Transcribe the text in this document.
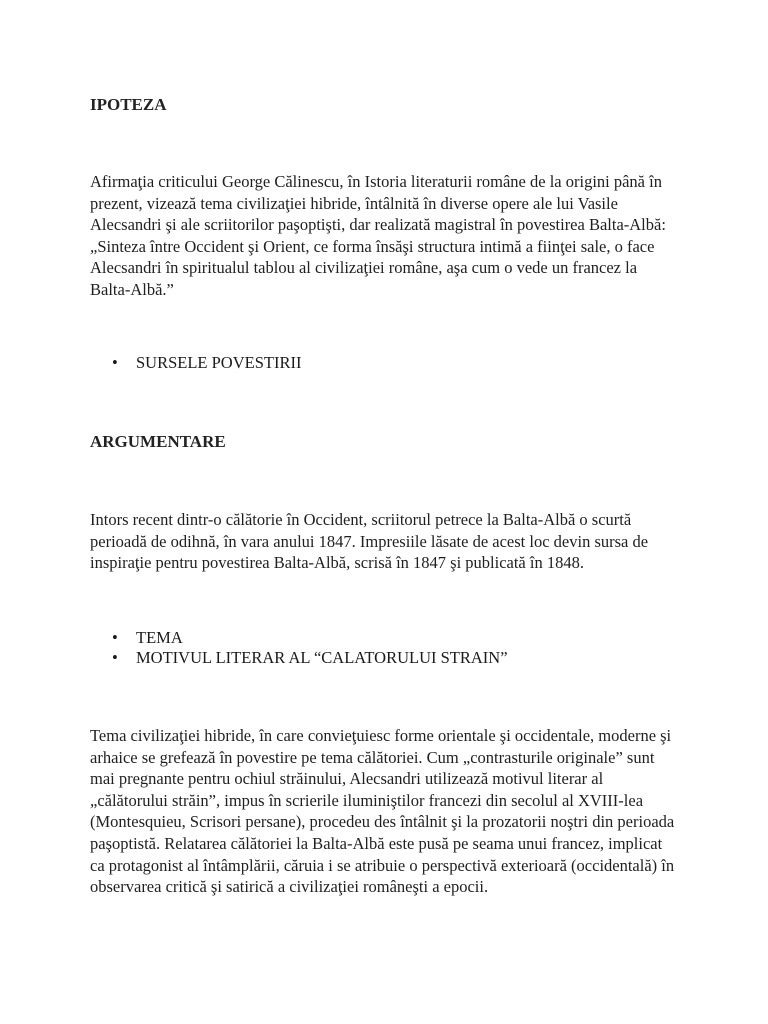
IPOTEZA

Afirmaţia criticului George Călinescu, în Istoria literaturii române de la origini până în prezent, vizează tema civilizaţiei hibride, întâlnită în diverse opere ale lui Vasile Alecsandri şi ale scriitorilor paşoptişti, dar realizată magistral în povestirea Balta-Albă: „Sinteza între Occident şi Orient, ce forma însăşi structura intimă a fiinţei sale, o face Alecsandri în spiritualul tablou al civilizaţiei române, aşa cum o vede un francez la Balta-Albă.”

• SURSELE POVESTIRII
ARGUMENTARE

Intors recent dintr-o călătorie în Occident, scriitorul petrece la Balta-Albă o scurtă perioadă de odihnă, în vara anului 1847. Impresiile lăsate de acest loc devin sursa de inspiraţie pentru povestirea Balta-Albă, scrisă în 1847 şi publicată în 1848.

• TEMA
• MOTIVUL LITERAR AL “CALATORULUI STRAIN”

Tema civilizaţiei hibride, în care convieţuiesc forme orientale şi occidentale, moderne şi arhaice se grefează în povestire pe tema călătoriei. Cum „contrasturile originale” sunt mai pregnante pentru ochiul străinului, Alecsandri utilizează motivul literar al „călătorului străin”, impus în scrierile iluminiştilor francezi din secolul al XVIII-lea (Montesquieu, Scrisori persane), procedeu des întâlnit şi la prozatorii noştri din perioada paşoptistă. Relatarea călătoriei la Balta-Albă este pusă pe seama unui francez, implicat ca protagonist al întâmplării, căruia i se atribuie o perspectivă exterioară (occidentală) în observarea critică şi satirică a civilizaţiei româneşti a epocii.
